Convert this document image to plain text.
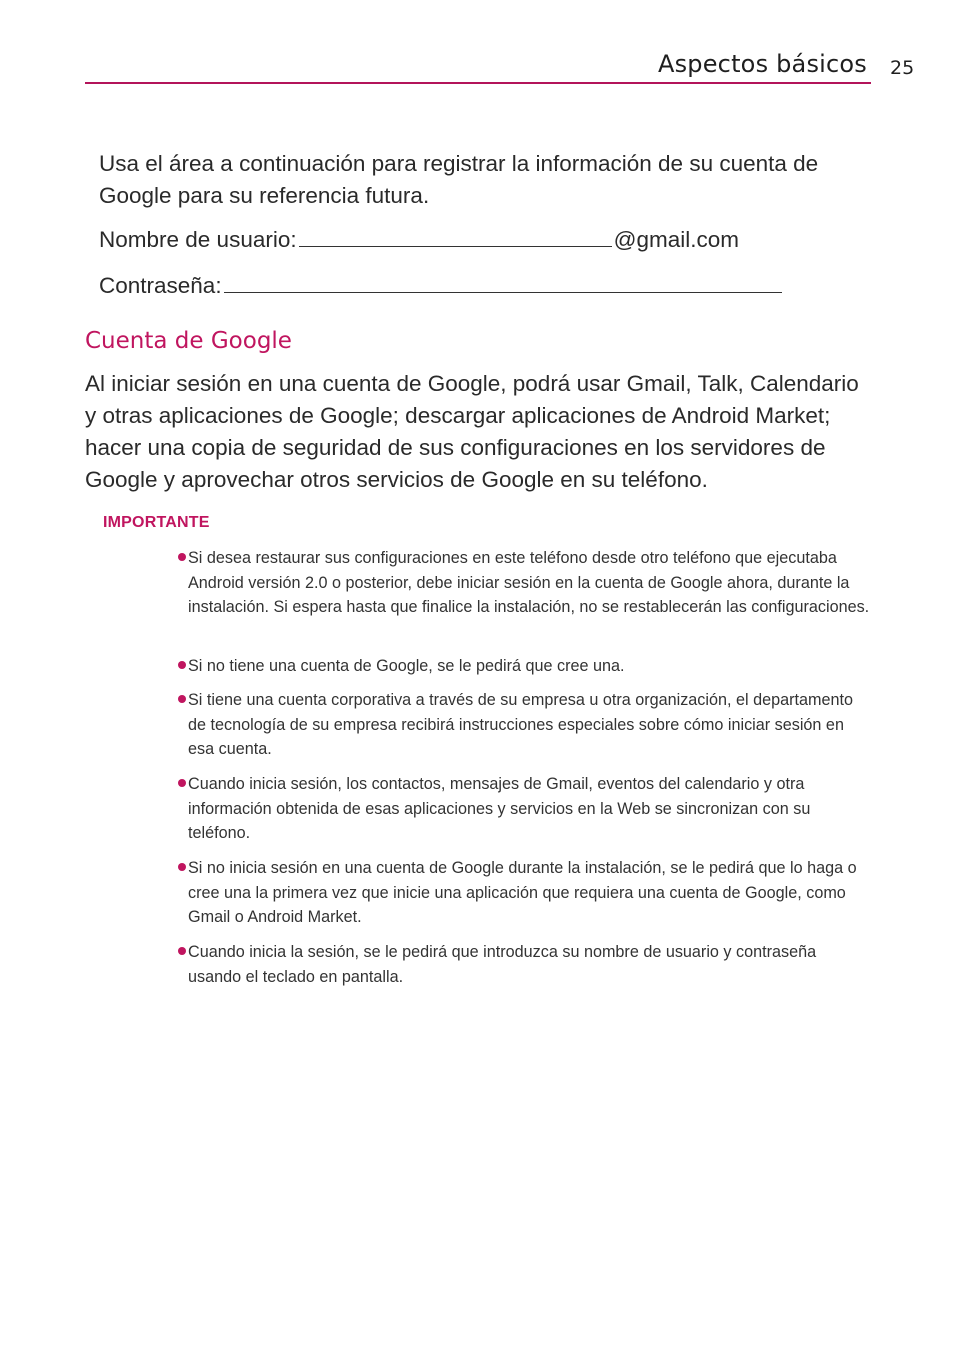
Aspectos básicos 25

Usa el área a continuación para registrar la información de su cuenta de Google para su referencia futura.

Nombre de usuario:	@gmail.com
Contraseña:
Cuenta de Google

Al iniciar sesión en una cuenta de Google, podrá usar Gmail, Talk, Calendario y otras aplicaciones de Google; descargar aplicaciones de Android Market; hacer una copia de seguridad de sus configuraciones en los servidores de Google y aprovechar otros servicios de Google en su teléfono.

IMPORTANTE
Si desea restaurar sus configuraciones en este teléfono desde otro teléfono que ejecutaba Android versión 2.0 o posterior, debe iniciar sesión en la cuenta de Google ahora, durante la instalación. Si espera hasta que finalice la instalación, no se restablecerán las configuraciones.
Si no tiene una cuenta de Google, se le pedirá que cree una.
Si tiene una cuenta corporativa a través de su empresa u otra organización, el departamento de tecnología de su empresa recibirá instrucciones especiales sobre cómo iniciar sesión en esa cuenta.
Cuando inicia sesión, los contactos, mensajes de Gmail, eventos del calendario y otra información obtenida de esas aplicaciones y servicios en la Web se sincronizan con su teléfono.
Si no inicia sesión en una cuenta de Google durante la instalación, se le pedirá que lo haga o cree una la primera vez que inicie una aplicación que requiera una cuenta de Google, como Gmail o Android Market.
Cuando inicia la sesión, se le pedirá que introduzca su nombre de usuario y contraseña usando el teclado en pantalla.
